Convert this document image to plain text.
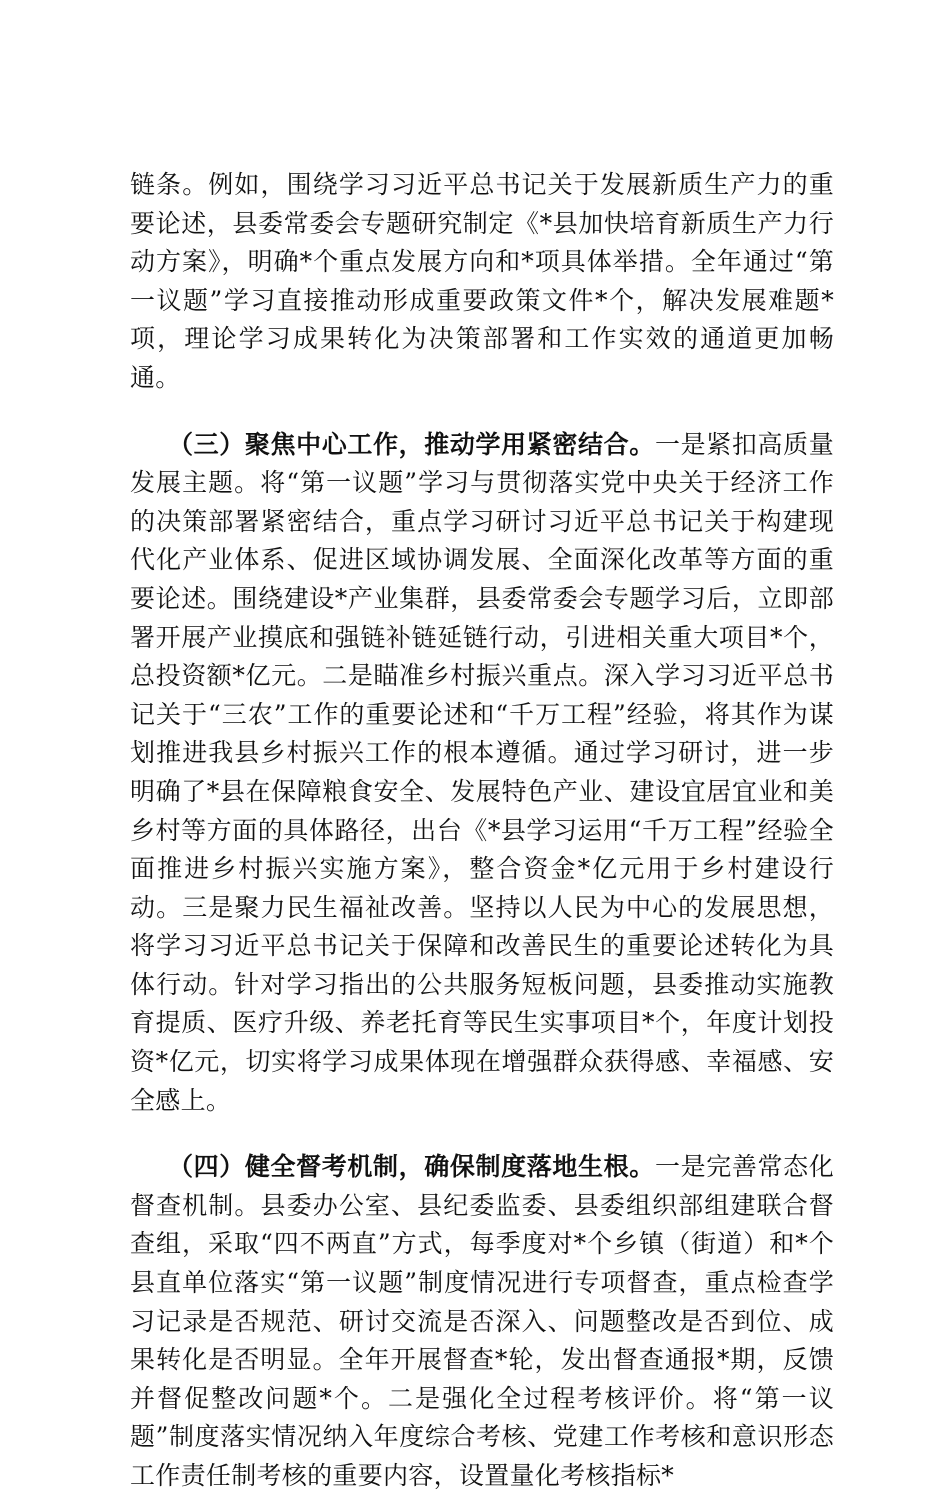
链条。例如，围绕学习习近平总书记关于发展新质生产力的重要论述，县委常委会专题研究制定《*县加快培育新质生产力行动方案》，明确*个重点发展方向和*项具体举措。全年通过“第一议题”学习直接推动形成重要政策文件*个，解决发展难题*项，理论学习成果转化为决策部署和工作实效的通道更加畅通。

（三）聚焦中心工作，推动学用紧密结合。一是紧扣高质量发展主题。将“第一议题”学习与贯彻落实党中央关于经济工作的决策部署紧密结合，重点学习研讨习近平总书记关于构建现代化产业体系、促进区域协调发展、全面深化改革等方面的重要论述。围绕建设*产业集群，县委常委会专题学习后，立即部署开展产业摸底和强链补链延链行动，引进相关重大项目*个，总投资额*亿元。二是瞄准乡村振兴重点。深入学习习近平总书记关于“三农”工作的重要论述和“千万工程”经验，将其作为谋划推进我县乡村振兴工作的根本遵循。通过学习研讨，进一步明确了*县在保障粮食安全、发展特色产业、建设宜居宜业和美乡村等方面的具体路径，出台《*县学习运用“千万工程”经验全面推进乡村振兴实施方案》，整合资金*亿元用于乡村建设行动。三是聚力民生福祉改善。坚持以人民为中心的发展思想，将学习习近平总书记关于保障和改善民生的重要论述转化为具体行动。针对学习指出的公共服务短板问题，县委推动实施教育提质、医疗升级、养老托育等民生实事项目*个，年度计划投资*亿元，切实将学习成果体现在增强群众获得感、幸福感、安全感上。

（四）健全督考机制，确保制度落地生根。一是完善常态化督查机制。县委办公室、县纪委监委、县委组织部组建联合督查组，采取“四不两直”方式，每季度对*个乡镇（街道）和*个县直单位落实“第一议题”制度情况进行专项督查，重点检查学习记录是否规范、研讨交流是否深入、问题整改是否到位、成果转化是否明显。全年开展督查*轮，发出督查通报*期，反馈并督促整改问题*个。二是强化全过程考核评价。将“第一议题”制度落实情况纳入年度综合考核、党建工作考核和意识形态工作责任制考核的重要内容，设置量化考核指标*
